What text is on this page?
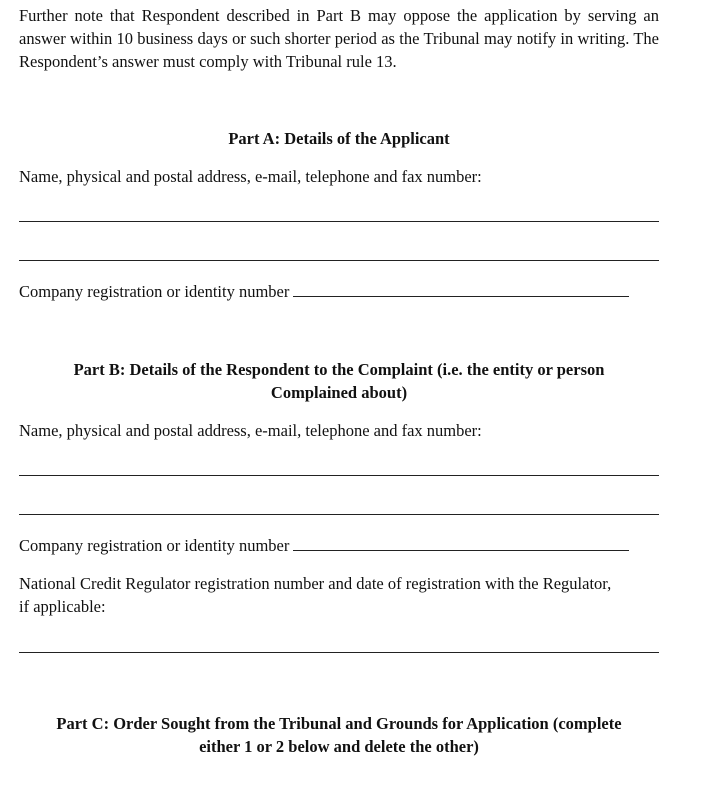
Further note that Respondent described in Part B may oppose the application by serving an answer within 10 business days or such shorter period as the Tribunal may notify in writing. The Respondent’s answer must comply with Tribunal rule 13.

Part A: Details of the Applicant

Name, physical and postal address, e-mail, telephone and fax number:

Company registration or identity number

Part B: Details of the Respondent to the Complaint (i.e. the entity or person

Complained about)

Name, physical and postal address, e-mail, telephone and fax number:

Company registration or identity number

National Credit Regulator registration number and date of registration with the Regulator,

if applicable:

Part C: Order Sought from the Tribunal and Grounds for Application (complete

either 1 or 2 below and delete the other)
